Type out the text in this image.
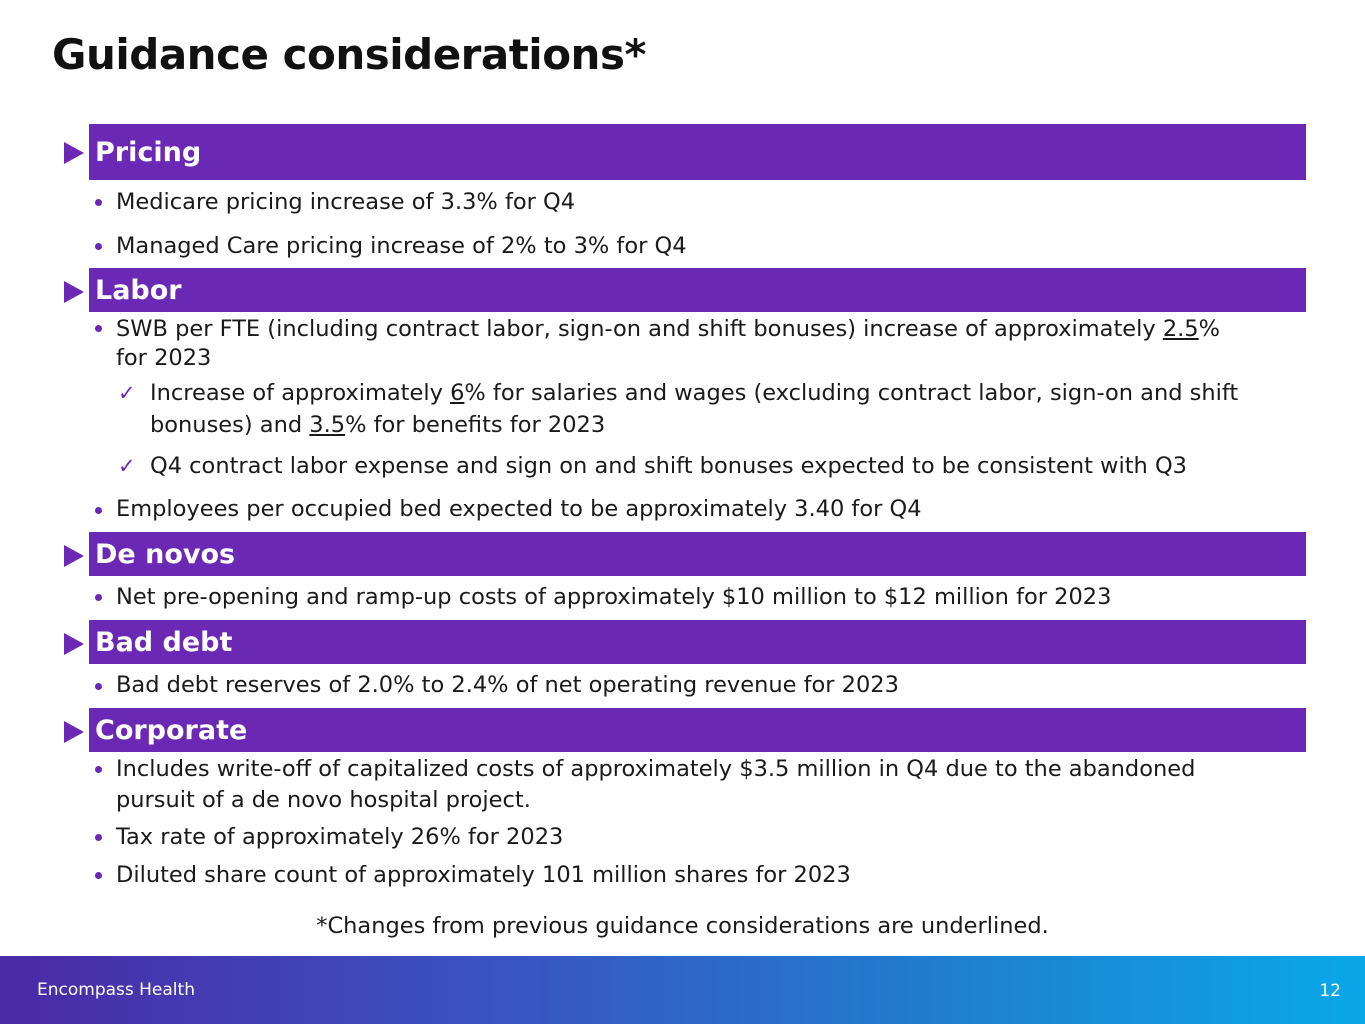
Guidance considerations*
Pricing
Medicare pricing increase of 3.3% for Q4
Managed Care pricing increase of 2% to 3% for Q4
Labor
SWB per FTE (including contract labor, sign-on and shift bonuses) increase of approximately 2.5%
for 2023
✓ Increase of approximately 6% for salaries and wages (excluding contract labor, sign-on and shift
bonuses) and 3.5% for benefits for 2023
✓ Q4 contract labor expense and sign on and shift bonuses expected to be consistent with Q3
Employees per occupied bed expected to be approximately 3.40 for Q4
De novos
Net pre-opening and ramp-up costs of approximately $10 million to $12 million for 2023
Bad debt
Bad debt reserves of 2.0% to 2.4% of net operating revenue for 2023
Corporate
Includes write-off of capitalized costs of approximately $3.5 million in Q4 due to the abandoned
pursuit of a de novo hospital project.
Tax rate of approximately 26% for 2023
Diluted share count of approximately 101 million shares for 2023
*Changes from previous guidance considerations are underlined.
Encompass Health	12
